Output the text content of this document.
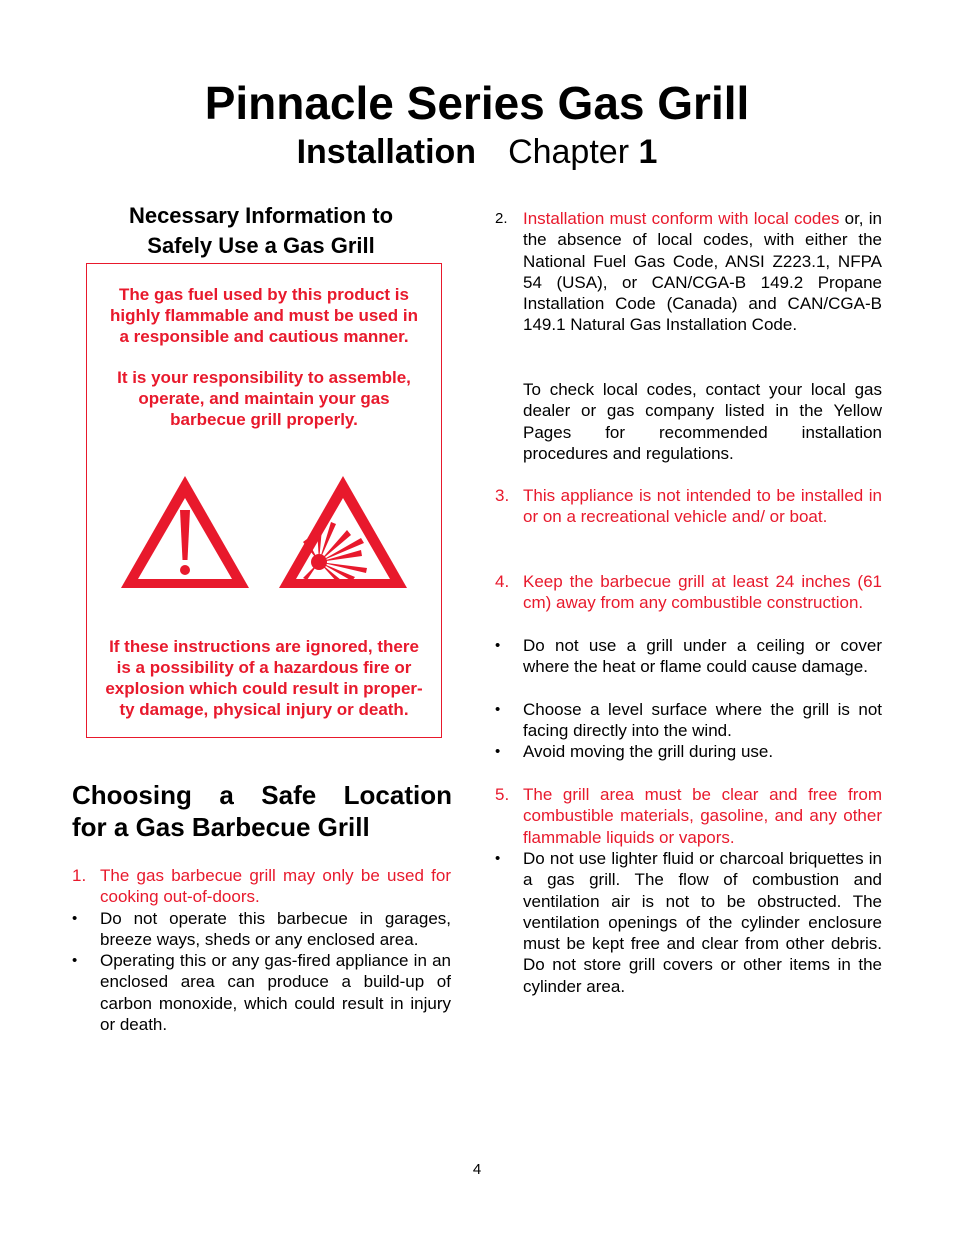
Pinnacle Series Gas Grill
Installation Chapter 1
Necessary Information to
Safely Use a Gas Grill
The gas fuel used by this product is
highly flammable and must be used in
a responsible and cautious manner.
It is your responsibility to assemble,
operate, and maintain your gas
barbecue grill properly.
If these instructions are ignored, there
is a possibility of a hazardous fire or
explosion which could result in proper-
ty damage, physical injury or death.
Choosing a Safe Location
for a Gas Barbecue Grill
1. The gas barbecue grill may only be used for cooking out-of-doors.
•	Do not operate this barbecue in garages, breeze ways, sheds or any enclosed area.
•	Operating this or any gas-fired appliance in an enclosed area can produce a build-up of carbon monoxide, which could result in injury or death.
2. Installation must conform with local codes or, in the absence of local codes, with either the National Fuel Gas Code, ANSI Z223.1, NFPA 54 (USA), or CAN/CGA-B 149.2 Propane Installation Code (Canada) and CAN/CGA-B 149.1 Natural Gas Installation Code.
To check local codes, contact your local gas dealer or gas company listed in the Yellow Pages for recommended installation procedures and regulations.
3. This appliance is not intended to be installed in or on a recreational vehicle and/ or boat.
4. Keep the barbecue grill at least 24 inches (61 cm) away from any combustible construction.
•	Do not use a grill under a ceiling or cover where the heat or flame could cause damage.
•	Choose a level surface where the grill is not facing directly into the wind.
•	Avoid moving the grill during use.
5. The grill area must be clear and free from combustible materials, gasoline, and any other flammable liquids or vapors.
•	Do not use lighter fluid or charcoal briquettes in a gas grill. The flow of combustion and ventilation air is not to be obstructed. The ventilation openings of the cylinder enclosure must be kept free and clear from other debris. Do not store grill covers or other items in the cylinder area.
4
